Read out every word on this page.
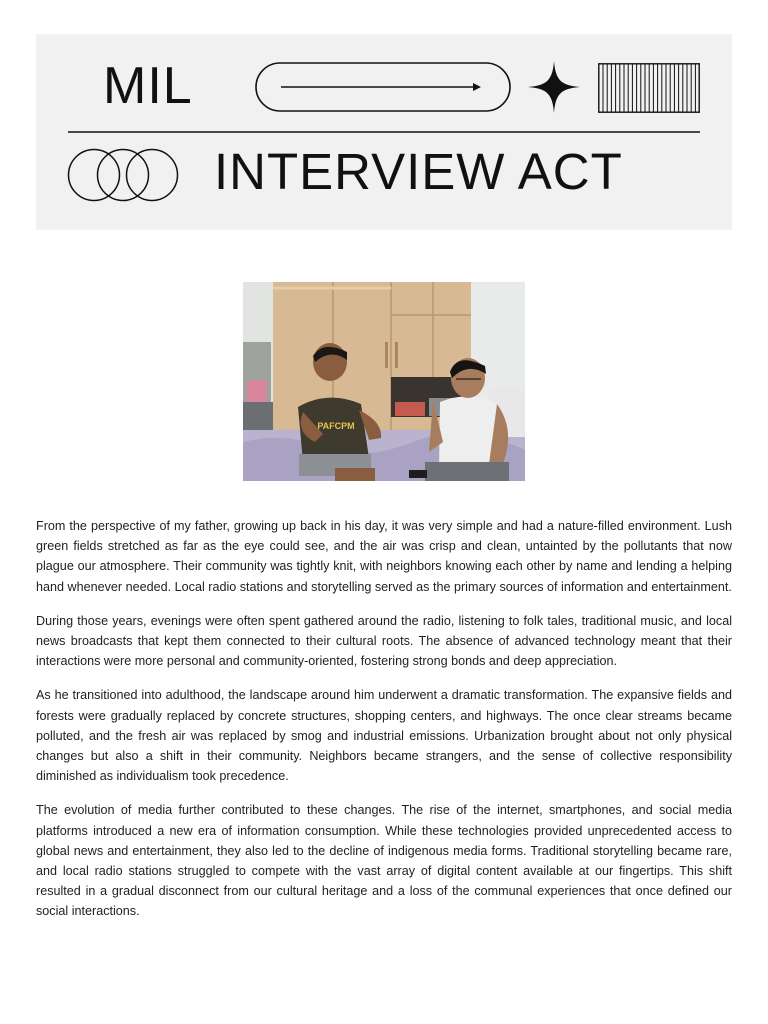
MIL
INTERVIEW ACT
PAFCPM

From the perspective of my father, growing up back in his day, it was very simple and had a nature-filled environment. Lush green fields stretched as far as the eye could see, and the air was crisp and clean, untainted by the pollutants that now plague our atmosphere. Their community was tightly knit, with neighbors knowing each other by name and lending a helping hand whenever needed. Local radio stations and storytelling served as the primary sources of information and entertainment.

During those years, evenings were often spent gathered around the radio, listening to folk tales, traditional music, and local news broadcasts that kept them connected to their cultural roots. The absence of advanced technology meant that their interactions were more personal and community-oriented, fostering strong bonds and deep appreciation.

As he transitioned into adulthood, the landscape around him underwent a dramatic transformation. The expansive fields and forests were gradually replaced by concrete structures, shopping centers, and highways. The once clear streams became polluted, and the fresh air was replaced by smog and industrial emissions. Urbanization brought about not only physical changes but also a shift in their community. Neighbors became strangers, and the sense of collective responsibility diminished as individualism took precedence.

The evolution of media further contributed to these changes. The rise of the internet, smartphones, and social media platforms introduced a new era of information consumption. While these technologies provided unprecedented access to global news and entertainment, they also led to the decline of indigenous media forms. Traditional storytelling became rare, and local radio stations struggled to compete with the vast array of digital content available at our fingertips. This shift resulted in a gradual disconnect from our cultural heritage and a loss of the communal experiences that once defined our social interactions.
